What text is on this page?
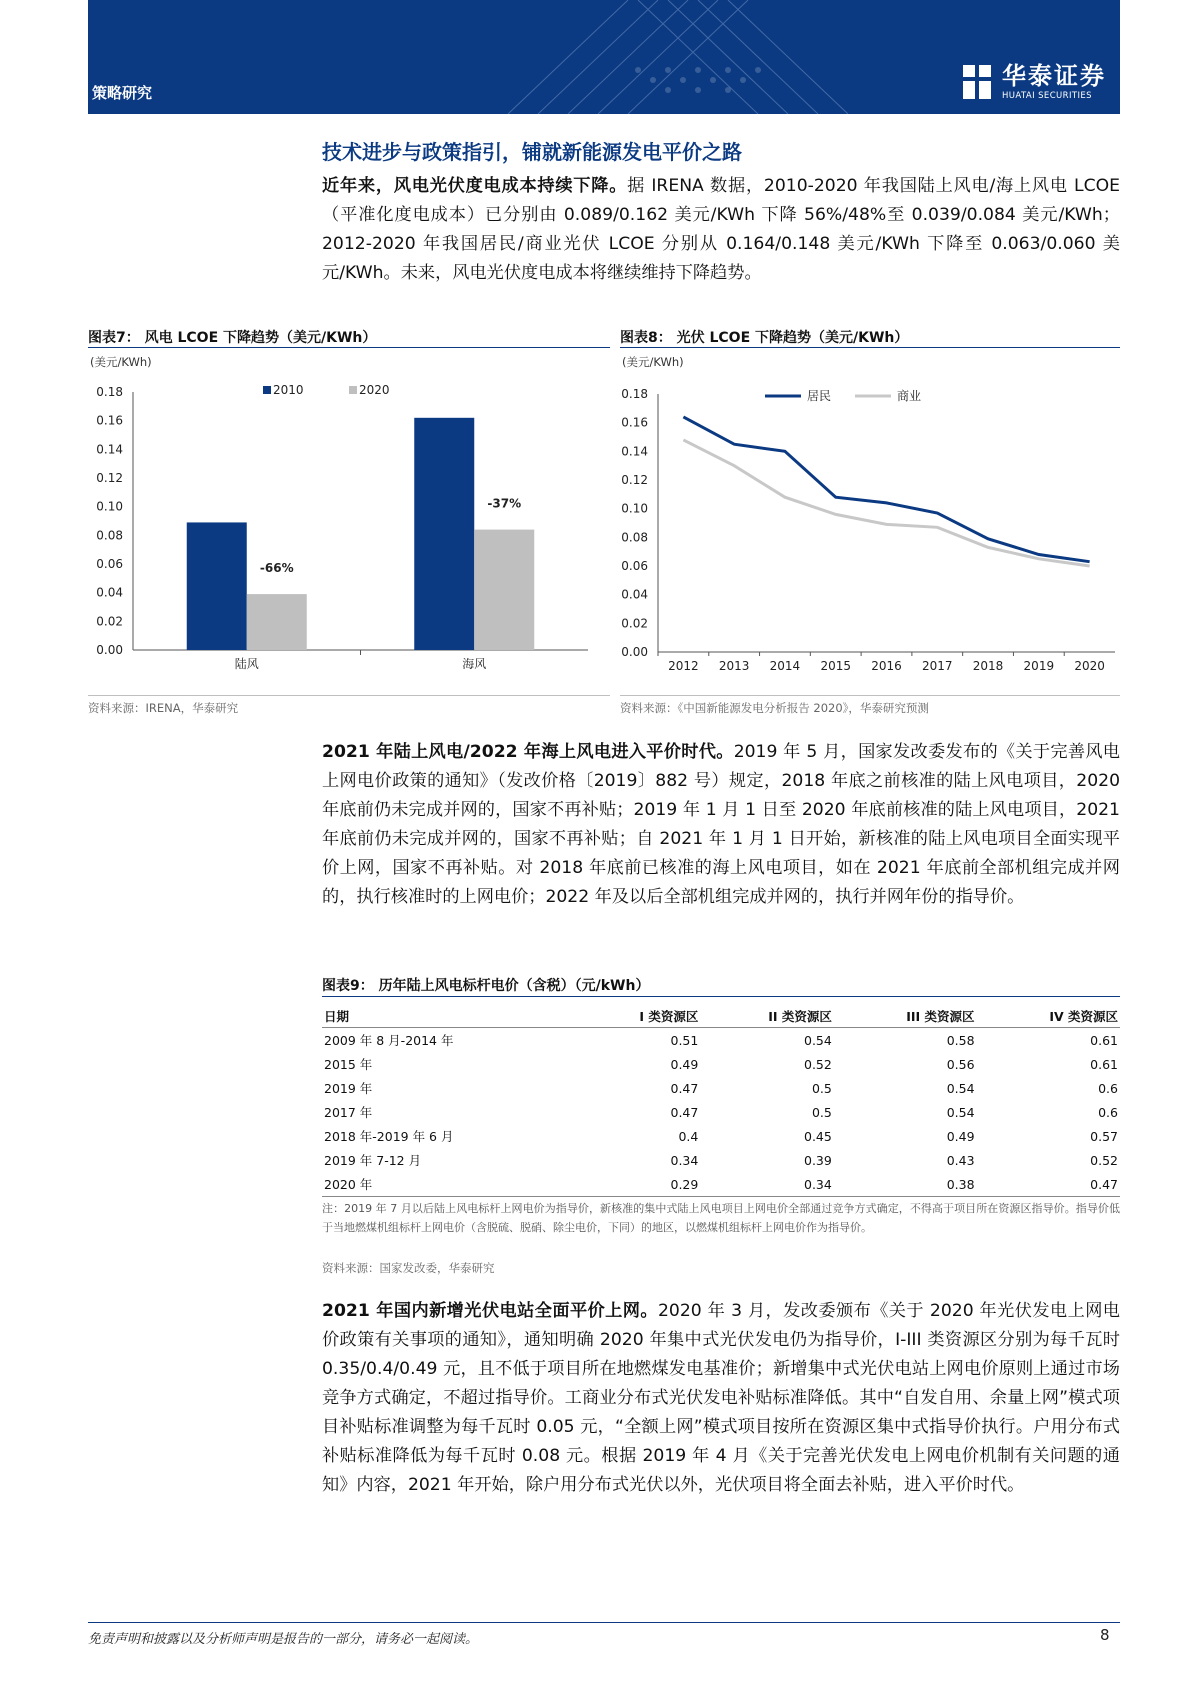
策略研究
华泰证券
HUATAI SECURITIES
技术进步与政策指引，铺就新能源发电平价之路
近年来，风电光伏度电成本持续下降。据 IRENA 数据，2010-2020 年我国陆上风电/海上风电 LCOE（平准化度电成本）已分别由 0.089/0.162 美元/KWh 下降 56%/48%至 0.039/0.084 美元/KWh；2012-2020 年我国居民/商业光伏 LCOE 分别从 0.164/0.148 美元/KWh 下降至 0.063/0.060 美元/KWh。未来，风电光伏度电成本将继续维持下降趋势。
图表7： 风电 LCOE 下降趋势（美元/KWh）
(美元/KWh)
0.18
0.16
0.14
0.12
0.10
0.08
0.06
0.04
0.02
0.00
陆风
-66%
海风
-37%
2010	2020
资料来源：IRENA，华泰研究
图表8： 光伏 LCOE 下降趋势（美元/KWh）
(美元/KWh)
0.18
0.16
0.14
0.12
0.10
0.08
0.06
0.04
0.02
0.00
2012 2013 2014 2015 2016 2017 2018 2019 2020
居民	商业
资料来源：《中国新能源发电分析报告 2020》，华泰研究预测
2021 年陆上风电/2022 年海上风电进入平价时代。2019 年 5 月，国家发改委发布的《关于完善风电上网电价政策的通知》（发改价格〔2019〕882 号）规定，2018 年底之前核准的陆上风电项目，2020 年底前仍未完成并网的，国家不再补贴；2019 年 1 月 1 日至 2020 年底前核准的陆上风电项目，2021 年底前仍未完成并网的，国家不再补贴；自 2021 年 1 月 1 日开始，新核准的陆上风电项目全面实现平价上网，国家不再补贴。对 2018 年底前已核准的海上风电项目，如在 2021 年底前全部机组完成并网的，执行核准时的上网电价；2022 年及以后全部机组完成并网的，执行并网年份的指导价。
图表9： 历年陆上风电标杆电价（含税）（元/kWh）
日期	I 类资源区	II 类资源区	III 类资源区	IV 类资源区
2009 年 8 月-2014 年	0.51	0.54	0.58	0.61
2015 年	0.49	0.52	0.56	0.61
2019 年	0.47	0.5	0.54	0.6
2017 年	0.47	0.5	0.54	0.6
2018 年-2019 年 6 月	0.4	0.45	0.49	0.57
2019 年 7-12 月	0.34	0.39	0.43	0.52
2020 年	0.29	0.34	0.38	0.47
注：2019 年 7 月以后陆上风电标杆上网电价为指导价，新核准的集中式陆上风电项目上网电价全部通过竞争方式确定，不得高于项目所在资源区指导价。指导价低于当地燃煤机组标杆上网电价（含脱硫、脱硝、除尘电价，下同）的地区，以燃煤机组标杆上网电价作为指导价。
资料来源：国家发改委，华泰研究
2021 年国内新增光伏电站全面平价上网。2020 年 3 月，发改委颁布《关于 2020 年光伏发电上网电价政策有关事项的通知》，通知明确 2020 年集中式光伏发电仍为指导价，I-III 类资源区分别为每千瓦时 0.35/0.4/0.49 元，且不低于项目所在地燃煤发电基准价；新增集中式光伏电站上网电价原则上通过市场竞争方式确定，不超过指导价。工商业分布式光伏发电补贴标准降低。其中“自发自用、余量上网”模式项目补贴标准调整为每千瓦时 0.05 元，“全额上网”模式项目按所在资源区集中式指导价执行。户用分布式补贴标准降低为每千瓦时 0.08 元。根据 2019 年 4 月《关于完善光伏发电上网电价机制有关问题的通知》内容，2021 年开始，除户用分布式光伏以外，光伏项目将全面去补贴，进入平价时代。
免责声明和披露以及分析师声明是报告的一部分，请务必一起阅读。	8
